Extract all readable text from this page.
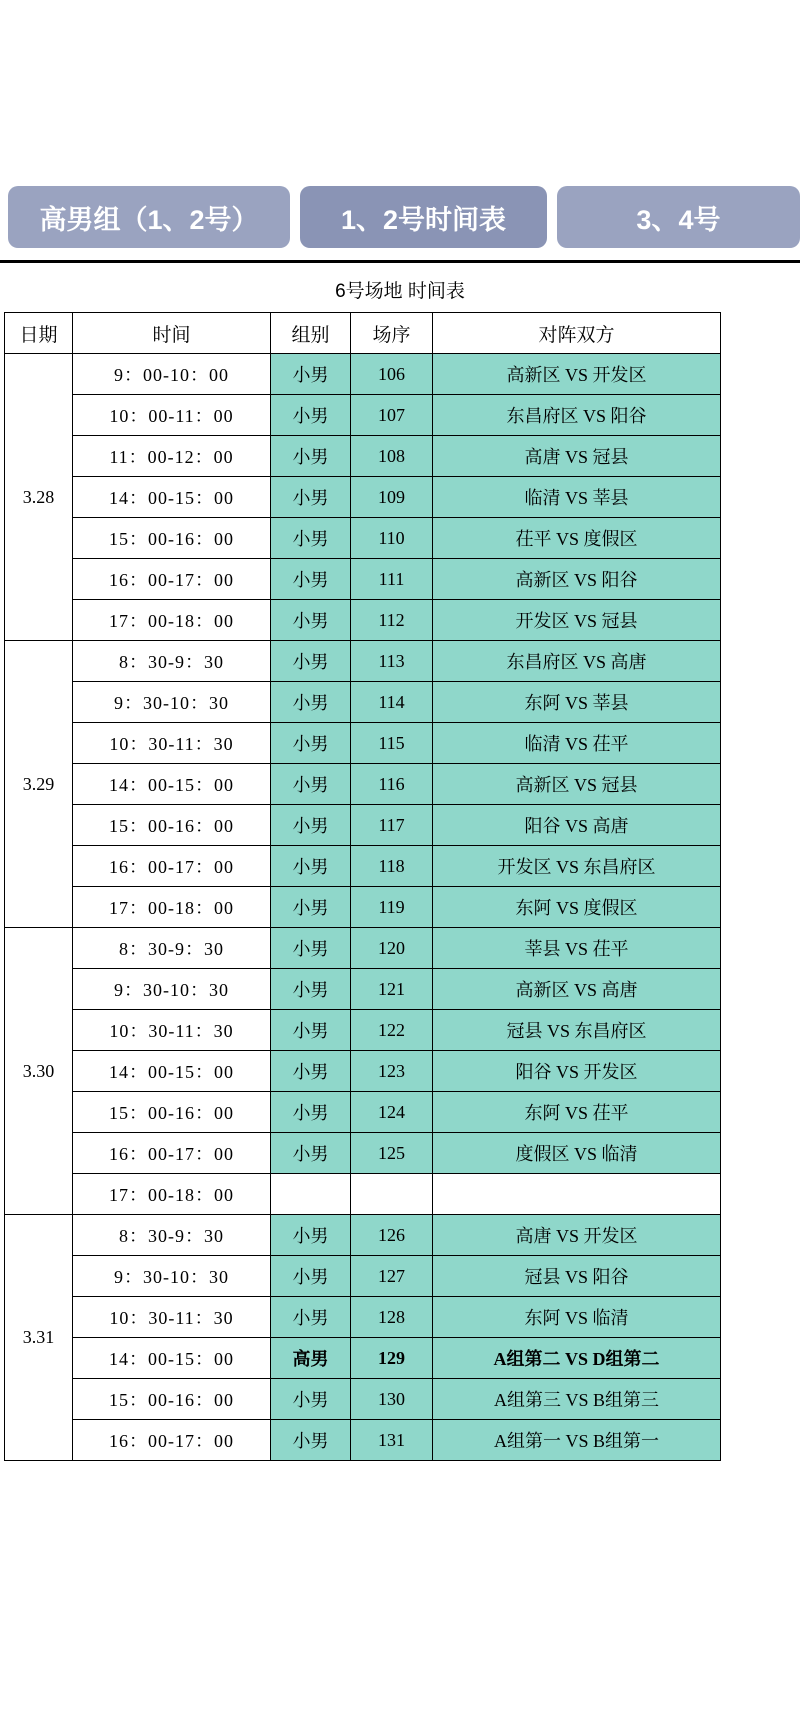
高男组（1、2号）	1、2号时间表	3、4号
6号场地 时间表
日期	时间	组别	场序	对阵双方
3.28	9：00-10：00	小男	106	高新区 VS 开发区
	10：00-11：00	小男	107	东昌府区 VS 阳谷
	11：00-12：00	小男	108	高唐 VS 冠县
	14：00-15：00	小男	109	临清 VS 莘县
	15：00-16：00	小男	110	茌平 VS 度假区
	16：00-17：00	小男	111	高新区 VS 阳谷
	17：00-18：00	小男	112	开发区 VS 冠县
3.29	8：30-9：30	小男	113	东昌府区 VS 高唐
	9：30-10：30	小男	114	东阿 VS 莘县
	10：30-11：30	小男	115	临清 VS 茌平
	14：00-15：00	小男	116	高新区 VS 冠县
	15：00-16：00	小男	117	阳谷 VS 高唐
	16：00-17：00	小男	118	开发区 VS 东昌府区
	17：00-18：00	小男	119	东阿 VS 度假区
3.30	8：30-9：30	小男	120	莘县 VS 茌平
	9：30-10：30	小男	121	高新区 VS 高唐
	10：30-11：30	小男	122	冠县 VS 东昌府区
	14：00-15：00	小男	123	阳谷 VS 开发区
	15：00-16：00	小男	124	东阿 VS 茌平
	16：00-17：00	小男	125	度假区 VS 临清
	17：00-18：00			
3.31	8：30-9：30	小男	126	高唐 VS 开发区
	9：30-10：30	小男	127	冠县 VS 阳谷
	10：30-11：30	小男	128	东阿 VS 临清
	14：00-15：00	高男	129	A组第二 VS D组第二
	15：00-16：00	小男	130	A组第三 VS B组第三
	16：00-17：00	小男	131	A组第一 VS B组第一
